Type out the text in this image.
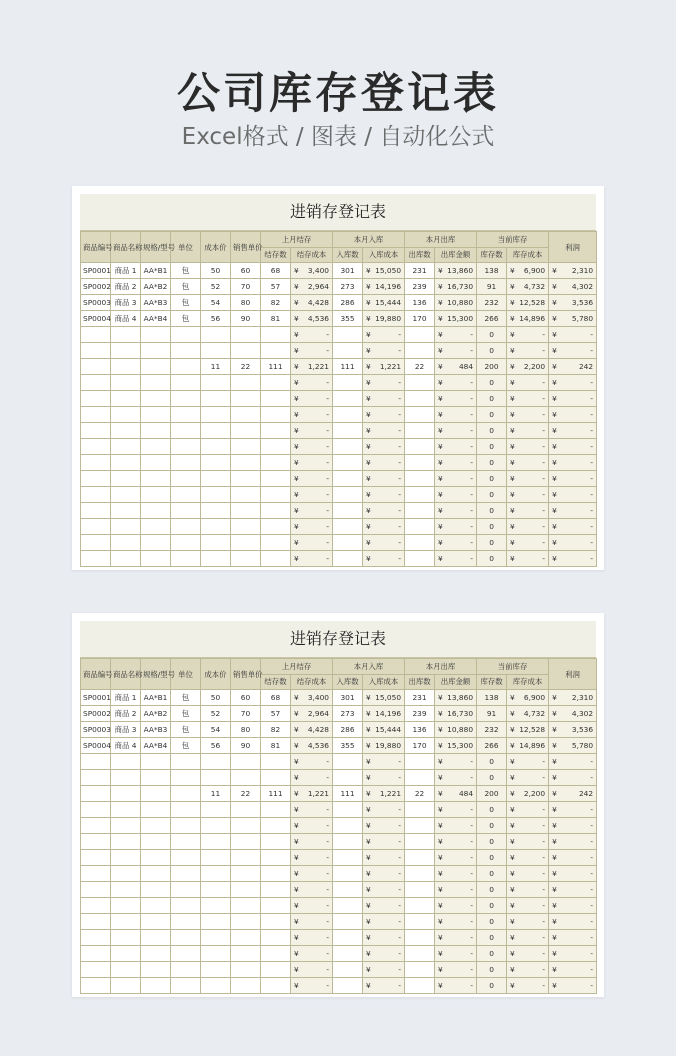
公司库存登记表
Excel格式 / 图表 / 自动化公式
进销存登记表
商品编号	商品名称	规格/型号	单位	成本价	销售单价	上月结存		本月入库		本月出库		当前库存		利润
						结存数	结存成本	入库数	入库成本	出库数	出库金额	库存数	库存成本	
SP0001	商品 1	AA*B1	包	50	60	68	¥ 3,400	301	¥ 15,050	231	¥ 13,860	138	¥ 6,900	¥ 2,310

SP0002	商品 2	AA*B2	包	52	70	57	¥ 2,964	273	¥ 14,196	239	¥ 16,730	91	¥ 4,732	¥ 4,302

SP0003	商品 3	AA*B3	包	54	80	82	¥ 4,428	286	¥ 15,444	136	¥ 10,880	232	¥ 12,528	¥ 3,536

SP0004	商品 4	AA*B4	包	56	90	81	¥ 4,536	355	¥ 19,880	170	¥ 15,300	266	¥ 14,896	¥ 5,780

							¥ -		¥ -		¥ -	0	¥ -	¥ -

							¥ -		¥ -		¥ -	0	¥ -	¥ -

				11	22	111	¥ 1,221	111	¥ 1,221	22	¥ 484	200	¥ 2,200	¥ 242

							¥ -		¥ -		¥ -	0	¥ -	¥ -

							¥ -		¥ -		¥ -	0	¥ -	¥ -

							¥ -		¥ -		¥ -	0	¥ -	¥ -

							¥ -		¥ -		¥ -	0	¥ -	¥ -

							¥ -		¥ -		¥ -	0	¥ -	¥ -

							¥ -		¥ -		¥ -	0	¥ -	¥ -

							¥ -		¥ -		¥ -	0	¥ -	¥ -

							¥ -		¥ -		¥ -	0	¥ -	¥ -

							¥ -		¥ -		¥ -	0	¥ -	¥ -

							¥ -		¥ -		¥ -	0	¥ -	¥ -

							¥ -		¥ -		¥ -	0	¥ -	¥ -

							¥ -		¥ -		¥ -	0	¥ -	¥ -
进销存登记表
商品编号	商品名称	规格/型号	单位	成本价	销售单价	上月结存		本月入库		本月出库		当前库存		利润
						结存数	结存成本	入库数	入库成本	出库数	出库金额	库存数	库存成本	
SP0001	商品 1	AA*B1	包	50	60	68	¥ 3,400	301	¥ 15,050	231	¥ 13,860	138	¥ 6,900	¥ 2,310

SP0002	商品 2	AA*B2	包	52	70	57	¥ 2,964	273	¥ 14,196	239	¥ 16,730	91	¥ 4,732	¥ 4,302

SP0003	商品 3	AA*B3	包	54	80	82	¥ 4,428	286	¥ 15,444	136	¥ 10,880	232	¥ 12,528	¥ 3,536

SP0004	商品 4	AA*B4	包	56	90	81	¥ 4,536	355	¥ 19,880	170	¥ 15,300	266	¥ 14,896	¥ 5,780

							¥ -		¥ -		¥ -	0	¥ -	¥ -

							¥ -		¥ -		¥ -	0	¥ -	¥ -

				11	22	111	¥ 1,221	111	¥ 1,221	22	¥ 484	200	¥ 2,200	¥ 242

							¥ -		¥ -		¥ -	0	¥ -	¥ -

							¥ -		¥ -		¥ -	0	¥ -	¥ -

							¥ -		¥ -		¥ -	0	¥ -	¥ -

							¥ -		¥ -		¥ -	0	¥ -	¥ -

							¥ -		¥ -		¥ -	0	¥ -	¥ -

							¥ -		¥ -		¥ -	0	¥ -	¥ -

							¥ -		¥ -		¥ -	0	¥ -	¥ -

							¥ -		¥ -		¥ -	0	¥ -	¥ -

							¥ -		¥ -		¥ -	0	¥ -	¥ -

							¥ -		¥ -		¥ -	0	¥ -	¥ -

							¥ -		¥ -		¥ -	0	¥ -	¥ -

							¥ -		¥ -		¥ -	0	¥ -	¥ -
